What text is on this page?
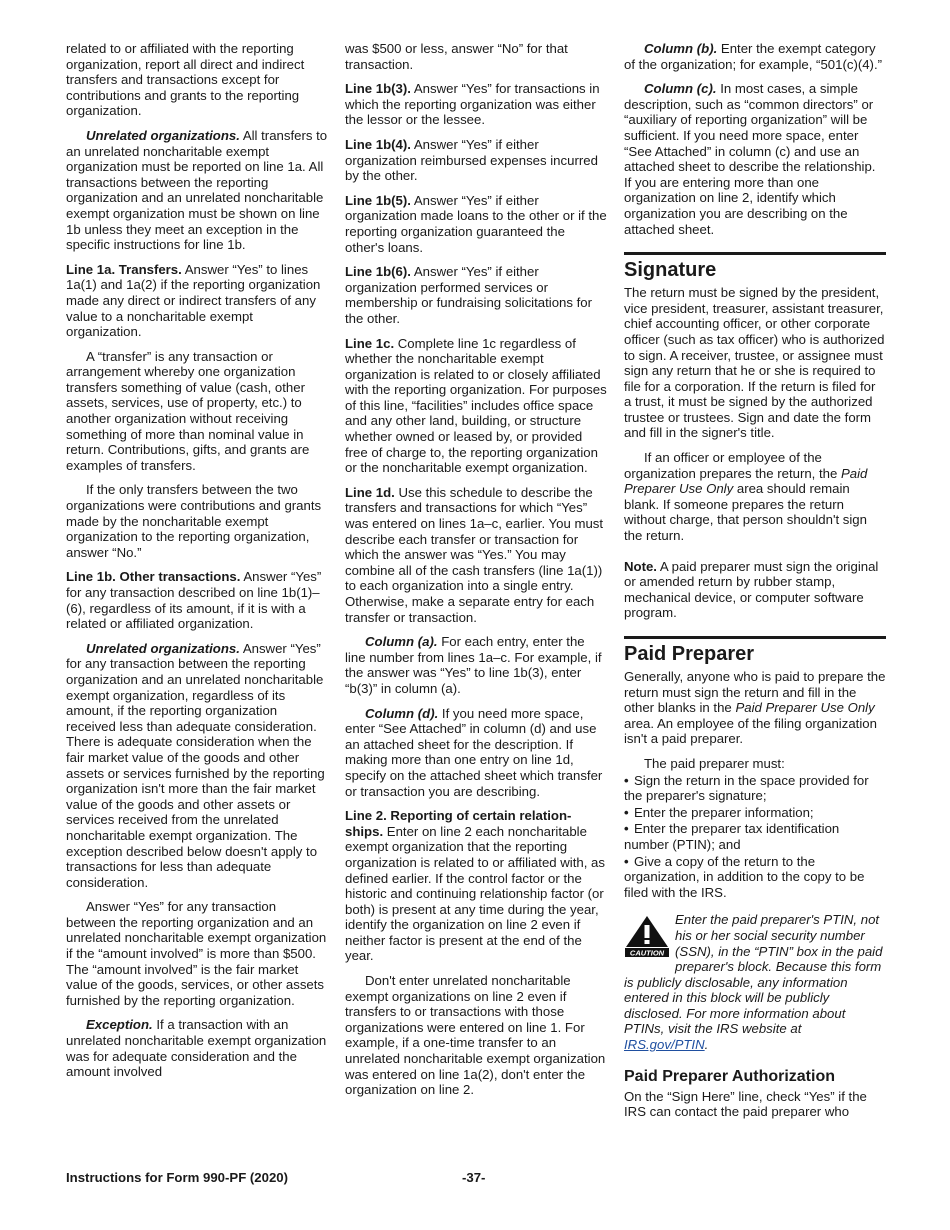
related to or affiliated with the reporting organization, report all direct and indirect transfers and transactions except for contributions and grants to the reporting organization.

Unrelated organizations. All transfers to an unrelated noncharitable exempt organization must be reported on line 1a. All transactions between the reporting organization and an unrelated noncharitable exempt organization must be shown on line 1b unless they meet an exception in the specific instructions for line 1b.

Line 1a. Transfers. Answer “Yes” to lines 1a(1) and 1a(2) if the reporting organization made any direct or indirect transfers of any value to a noncharitable exempt organization.

A “transfer” is any transaction or arrangement whereby one organization transfers something of value (cash, other assets, services, use of property, etc.) to another organization without receiving something of more than nominal value in return. Contributions, gifts, and grants are examples of transfers.

If the only transfers between the two organizations were contributions and grants made by the noncharitable exempt organization to the reporting organization, answer “No.”

Line 1b. Other transactions. Answer “Yes” for any transaction described on line 1b(1)–(6), regardless of its amount, if it is with a related or affiliated organization.

Unrelated organizations. Answer “Yes” for any transaction between the reporting organization and an unrelated noncharitable exempt organization, regardless of its amount, if the reporting organization received less than adequate consideration. There is adequate consideration when the fair market value of the goods and other assets or services furnished by the reporting organization isn't more than the fair market value of the goods and other assets or services received from the unrelated noncharitable exempt organization. The exception described below doesn't apply to transactions for less than adequate consideration.

Answer “Yes” for any transaction between the reporting organization and an unrelated noncharitable exempt organization if the “amount involved” is more than $500. The “amount involved” is the fair market value of the goods, services, or other assets furnished by the reporting organization.

Exception. If a transaction with an unrelated noncharitable exempt organization was for adequate consideration and the amount involved

was $500 or less, answer “No” for that transaction.

Line 1b(3). Answer “Yes” for transactions in which the reporting organization was either the lessor or the lessee.

Line 1b(4). Answer “Yes” if either organization reimbursed expenses incurred by the other.

Line 1b(5). Answer “Yes” if either organization made loans to the other or if the reporting organization guaranteed the other's loans.

Line 1b(6). Answer “Yes” if either organization performed services or membership or fundraising solicitations for the other.

Line 1c. Complete line 1c regardless of whether the noncharitable exempt organization is related to or closely affiliated with the reporting organization. For purposes of this line, “facilities” includes office space and any other land, building, or structure whether owned or leased by, or provided free of charge to, the reporting organization or the noncharitable exempt organization.

Line 1d. Use this schedule to describe the transfers and transactions for which “Yes” was entered on lines 1a–c, earlier. You must describe each transfer or transaction for which the answer was “Yes.” You may combine all of the cash transfers (line 1a(1)) to each organization into a single entry. Otherwise, make a separate entry for each transfer or transaction.

Column (a). For each entry, enter the line number from lines 1a–c. For example, if the answer was “Yes” to line 1b(3), enter “b(3)” in column (a).

Column (d). If you need more space, enter “See Attached” in column (d) and use an attached sheet for the description. If making more than one entry on line 1d, specify on the attached sheet which transfer or transaction you are describing.

Line 2. Reporting of certain relation-ships. Enter on line 2 each noncharitable exempt organization that the reporting organization is related to or affiliated with, as defined earlier. If the control factor or the historic and continuing relationship factor (or both) is present at any time during the year, identify the organization on line 2 even if neither factor is present at the end of the year.

Don't enter unrelated noncharitable exempt organizations on line 2 even if transfers to or transactions with those organizations were entered on line 1. For example, if a one-time transfer to an unrelated noncharitable exempt organization was entered on line 1a(2), don't enter the organization on line 2.

Column (b). Enter the exempt category of the organization; for example, “501(c)(4).”

Column (c). In most cases, a simple description, such as “common directors” or “auxiliary of reporting organization” will be sufficient. If you need more space, enter “See Attached” in column (c) and use an attached sheet to describe the relationship. If you are entering more than one organization on line 2, identify which organization you are describing on the attached sheet.

Signature

The return must be signed by the president, vice president, treasurer, assistant treasurer, chief accounting officer, or other corporate officer (such as tax officer) who is authorized to sign. A receiver, trustee, or assignee must sign any return that he or she is required to file for a corporation. If the return is filed for a trust, it must be signed by the authorized trustee or trustees. Sign and date the form and fill in the signer's title.

If an officer or employee of the organization prepares the return, the Paid Preparer Use Only area should remain blank. If someone prepares the return without charge, that person shouldn't sign the return.

Note. A paid preparer must sign the original or amended return by rubber stamp, mechanical device, or computer software program.

Paid Preparer

Generally, anyone who is paid to prepare the return must sign the return and fill in the other blanks in the Paid Preparer Use Only area. An employee of the filing organization isn't a paid preparer.

The paid preparer must:

• Sign the return in the space provided for the preparer's signature;
• Enter the preparer information;
• Enter the preparer tax identification number (PTIN); and
• Give a copy of the return to the organization, in addition to the copy to be filed with the IRS.
CAUTION
Enter the paid preparer's PTIN, not his or her social security number (SSN), in the “PTIN” box in the paid preparer's block. Because this form is publicly disclosable, any information entered in this block will be publicly disclosed. For more information about PTINs, visit the IRS website at IRS.gov/PTIN.
Paid Preparer Authorization

On the “Sign Here” line, check “Yes” if the IRS can contact the paid preparer who

Instructions for Form 990-PF (2020)	-37-
